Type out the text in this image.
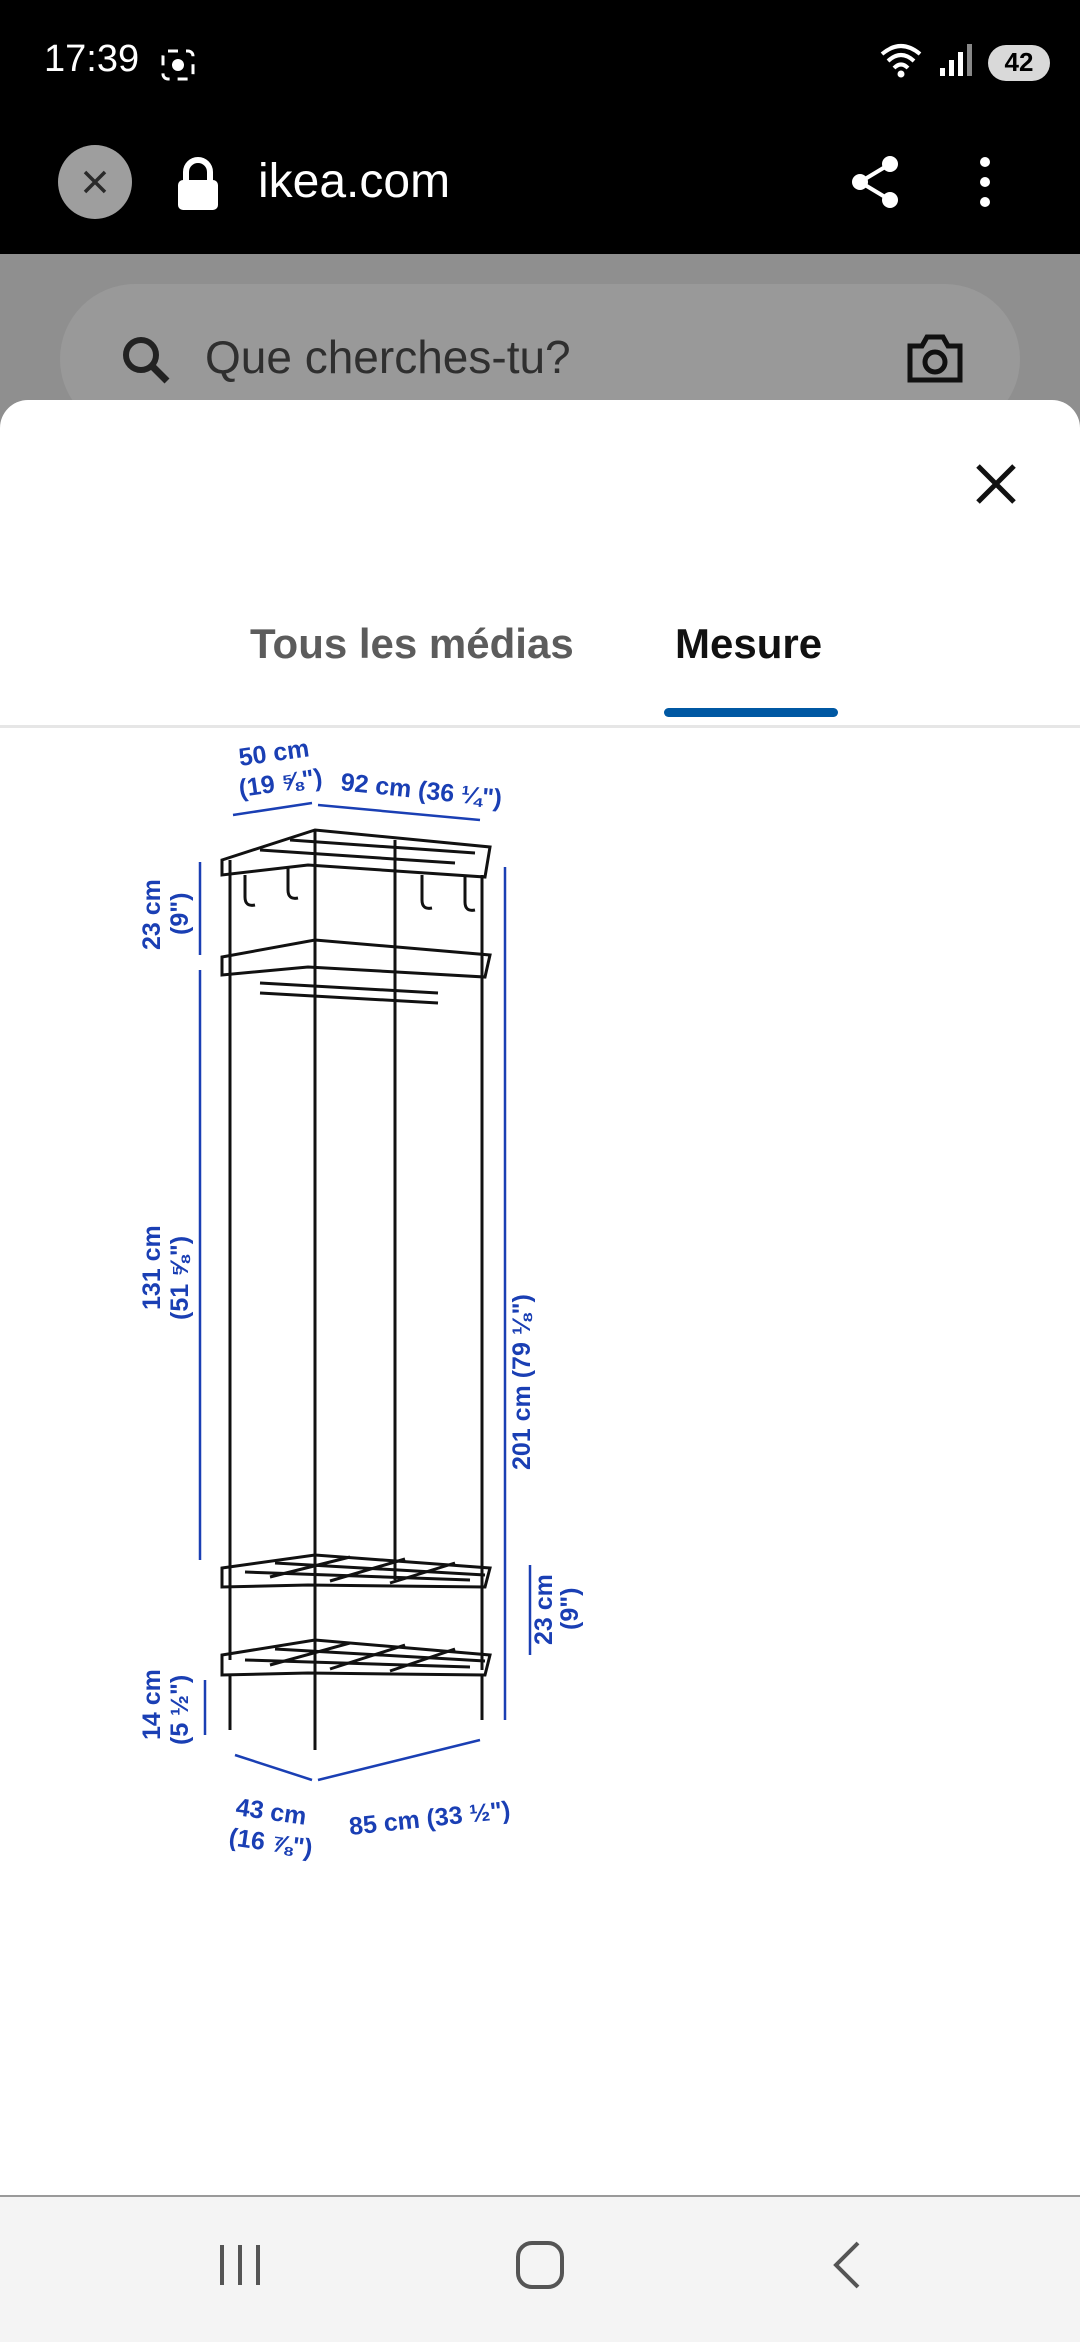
17:39	42
ikea.com
Que cherches-tu?
Tous les médias Mesure
50 cm
(19 ⅝") 92 cm (36 ¼")
23 cm (9")
131 cm (51 ⅝")
14 cm (5 ½")
201 cm (79 ⅛")
23 cm
(9")
43 cm
(16 ⅞")
85 cm (33 ½")
